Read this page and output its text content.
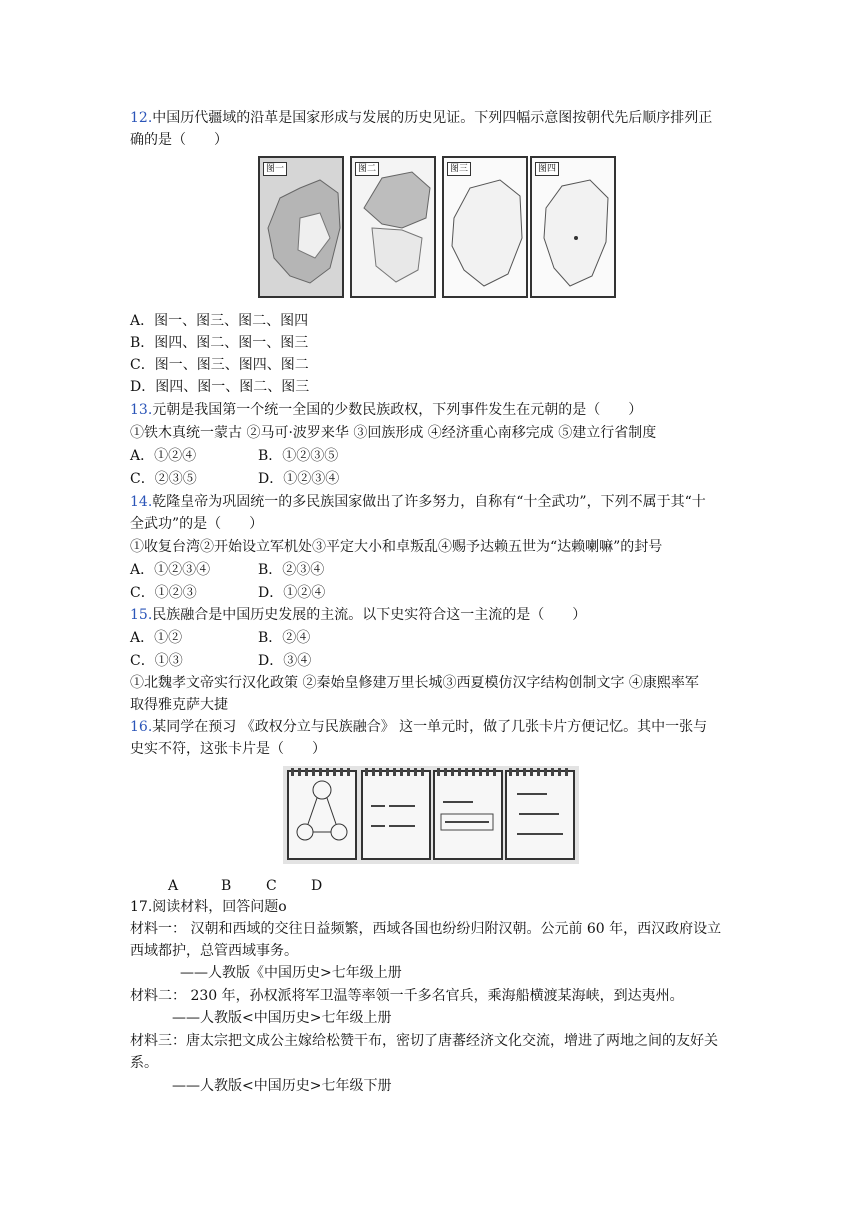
12.中国历代疆域的沿革是国家形成与发展的历史见证。下列四幅示意图按朝代先后顺序排列正
确的是（　　）
图一	图二	图三	图四
A．图一、图三、图二、图四
B．图四、图二、图一、图三
C．图一、图三、图四、图二
D．图四、图一、图二、图三
13.元朝是我国第一个统一全国的少数民族政权，下列事件发生在元朝的是（　　）
①铁木真统一蒙古 ②马可·波罗来华 ③回族形成 ④经济重心南移完成 ⑤建立行省制度
A．①②④	B．①②③⑤
C．②③⑤	D．①②③④
14.乾隆皇帝为巩固统一的多民族国家做出了许多努力，自称有“十全武功”，下列不属于其“十
全武功”的是（　　）
①收复台湾②开始设立军机处③平定大小和卓叛乱④赐予达赖五世为“达赖喇嘛”的封号
A．①②③④	B．②③④
C．①②③	D．①②④
15.民族融合是中国历史发展的主流。以下史实符合这一主流的是（　　）
A．①②	B．②④
C．①③	D．③④
①北魏孝文帝实行汉化政策 ②秦始皇修建万里长城③西夏模仿汉字结构创制文字 ④康熙率军
取得雅克萨大捷
16.某同学在预习 《政权分立与民族融合》 这一单元时，做了几张卡片方便记忆。其中一张与
史实不符，这张卡片是（　　）
A	B C D
17.阅读材料，回答问题ο
材料一： 汉朝和西域的交往日益频繁，西域各国也纷纷归附汉朝。公元前 60 年，西汉政府设立
西域都护，总管西域事务。
——人教版《中国历史>七年级上册
材料二： 230 年，孙权派将军卫温等率领一千多名官兵，乘海船横渡某海峡，到达夷州。
——人教版<中国历史>七年级上册
材料三：唐太宗把文成公主嫁给松赞干布，密切了唐蕃经济文化交流，增进了两地之间的友好关
系。
——人教版<中国历史>七年级下册
